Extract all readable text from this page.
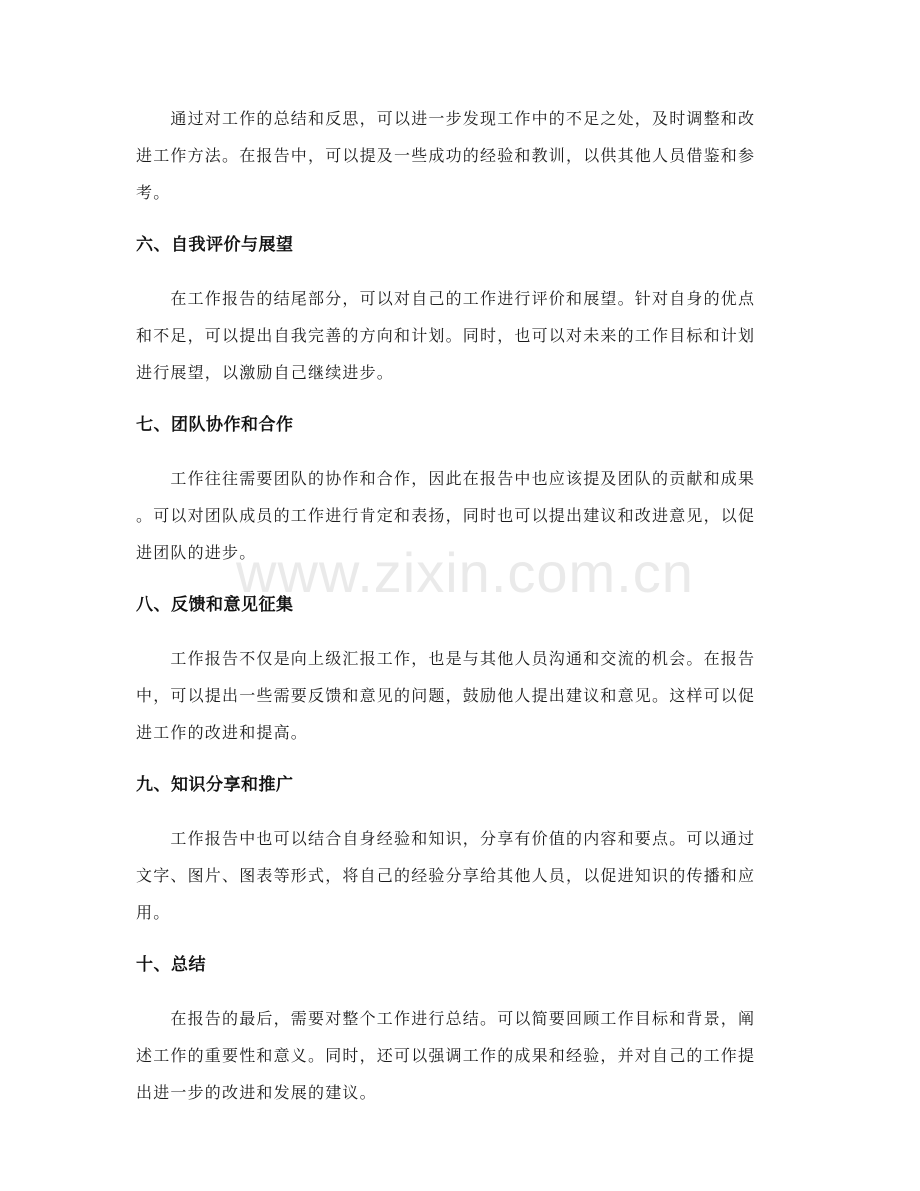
www.zixin.com.cn

　　通过对工作的总结和反思，可以进一步发现工作中的不足之处，及时调整和改
进工作方法。在报告中，可以提及一些成功的经验和教训，以供其他人员借鉴和参
考。

六、自我评价与展望

　　在工作报告的结尾部分，可以对自己的工作进行评价和展望。针对自身的优点
和不足，可以提出自我完善的方向和计划。同时，也可以对未来的工作目标和计划
进行展望，以激励自己继续进步。

七、团队协作和合作

　　工作往往需要团队的协作和合作，因此在报告中也应该提及团队的贡献和成果
。可以对团队成员的工作进行肯定和表扬，同时也可以提出建议和改进意见，以促
进团队的进步。

八、反馈和意见征集

　　工作报告不仅是向上级汇报工作，也是与其他人员沟通和交流的机会。在报告
中，可以提出一些需要反馈和意见的问题，鼓励他人提出建议和意见。这样可以促
进工作的改进和提高。

九、知识分享和推广

　　工作报告中也可以结合自身经验和知识，分享有价值的内容和要点。可以通过
文字、图片、图表等形式，将自己的经验分享给其他人员，以促进知识的传播和应
用。

十、总结

　　在报告的最后，需要对整个工作进行总结。可以简要回顾工作目标和背景，阐
述工作的重要性和意义。同时，还可以强调工作的成果和经验，并对自己的工作提
出进一步的改进和发展的建议。
